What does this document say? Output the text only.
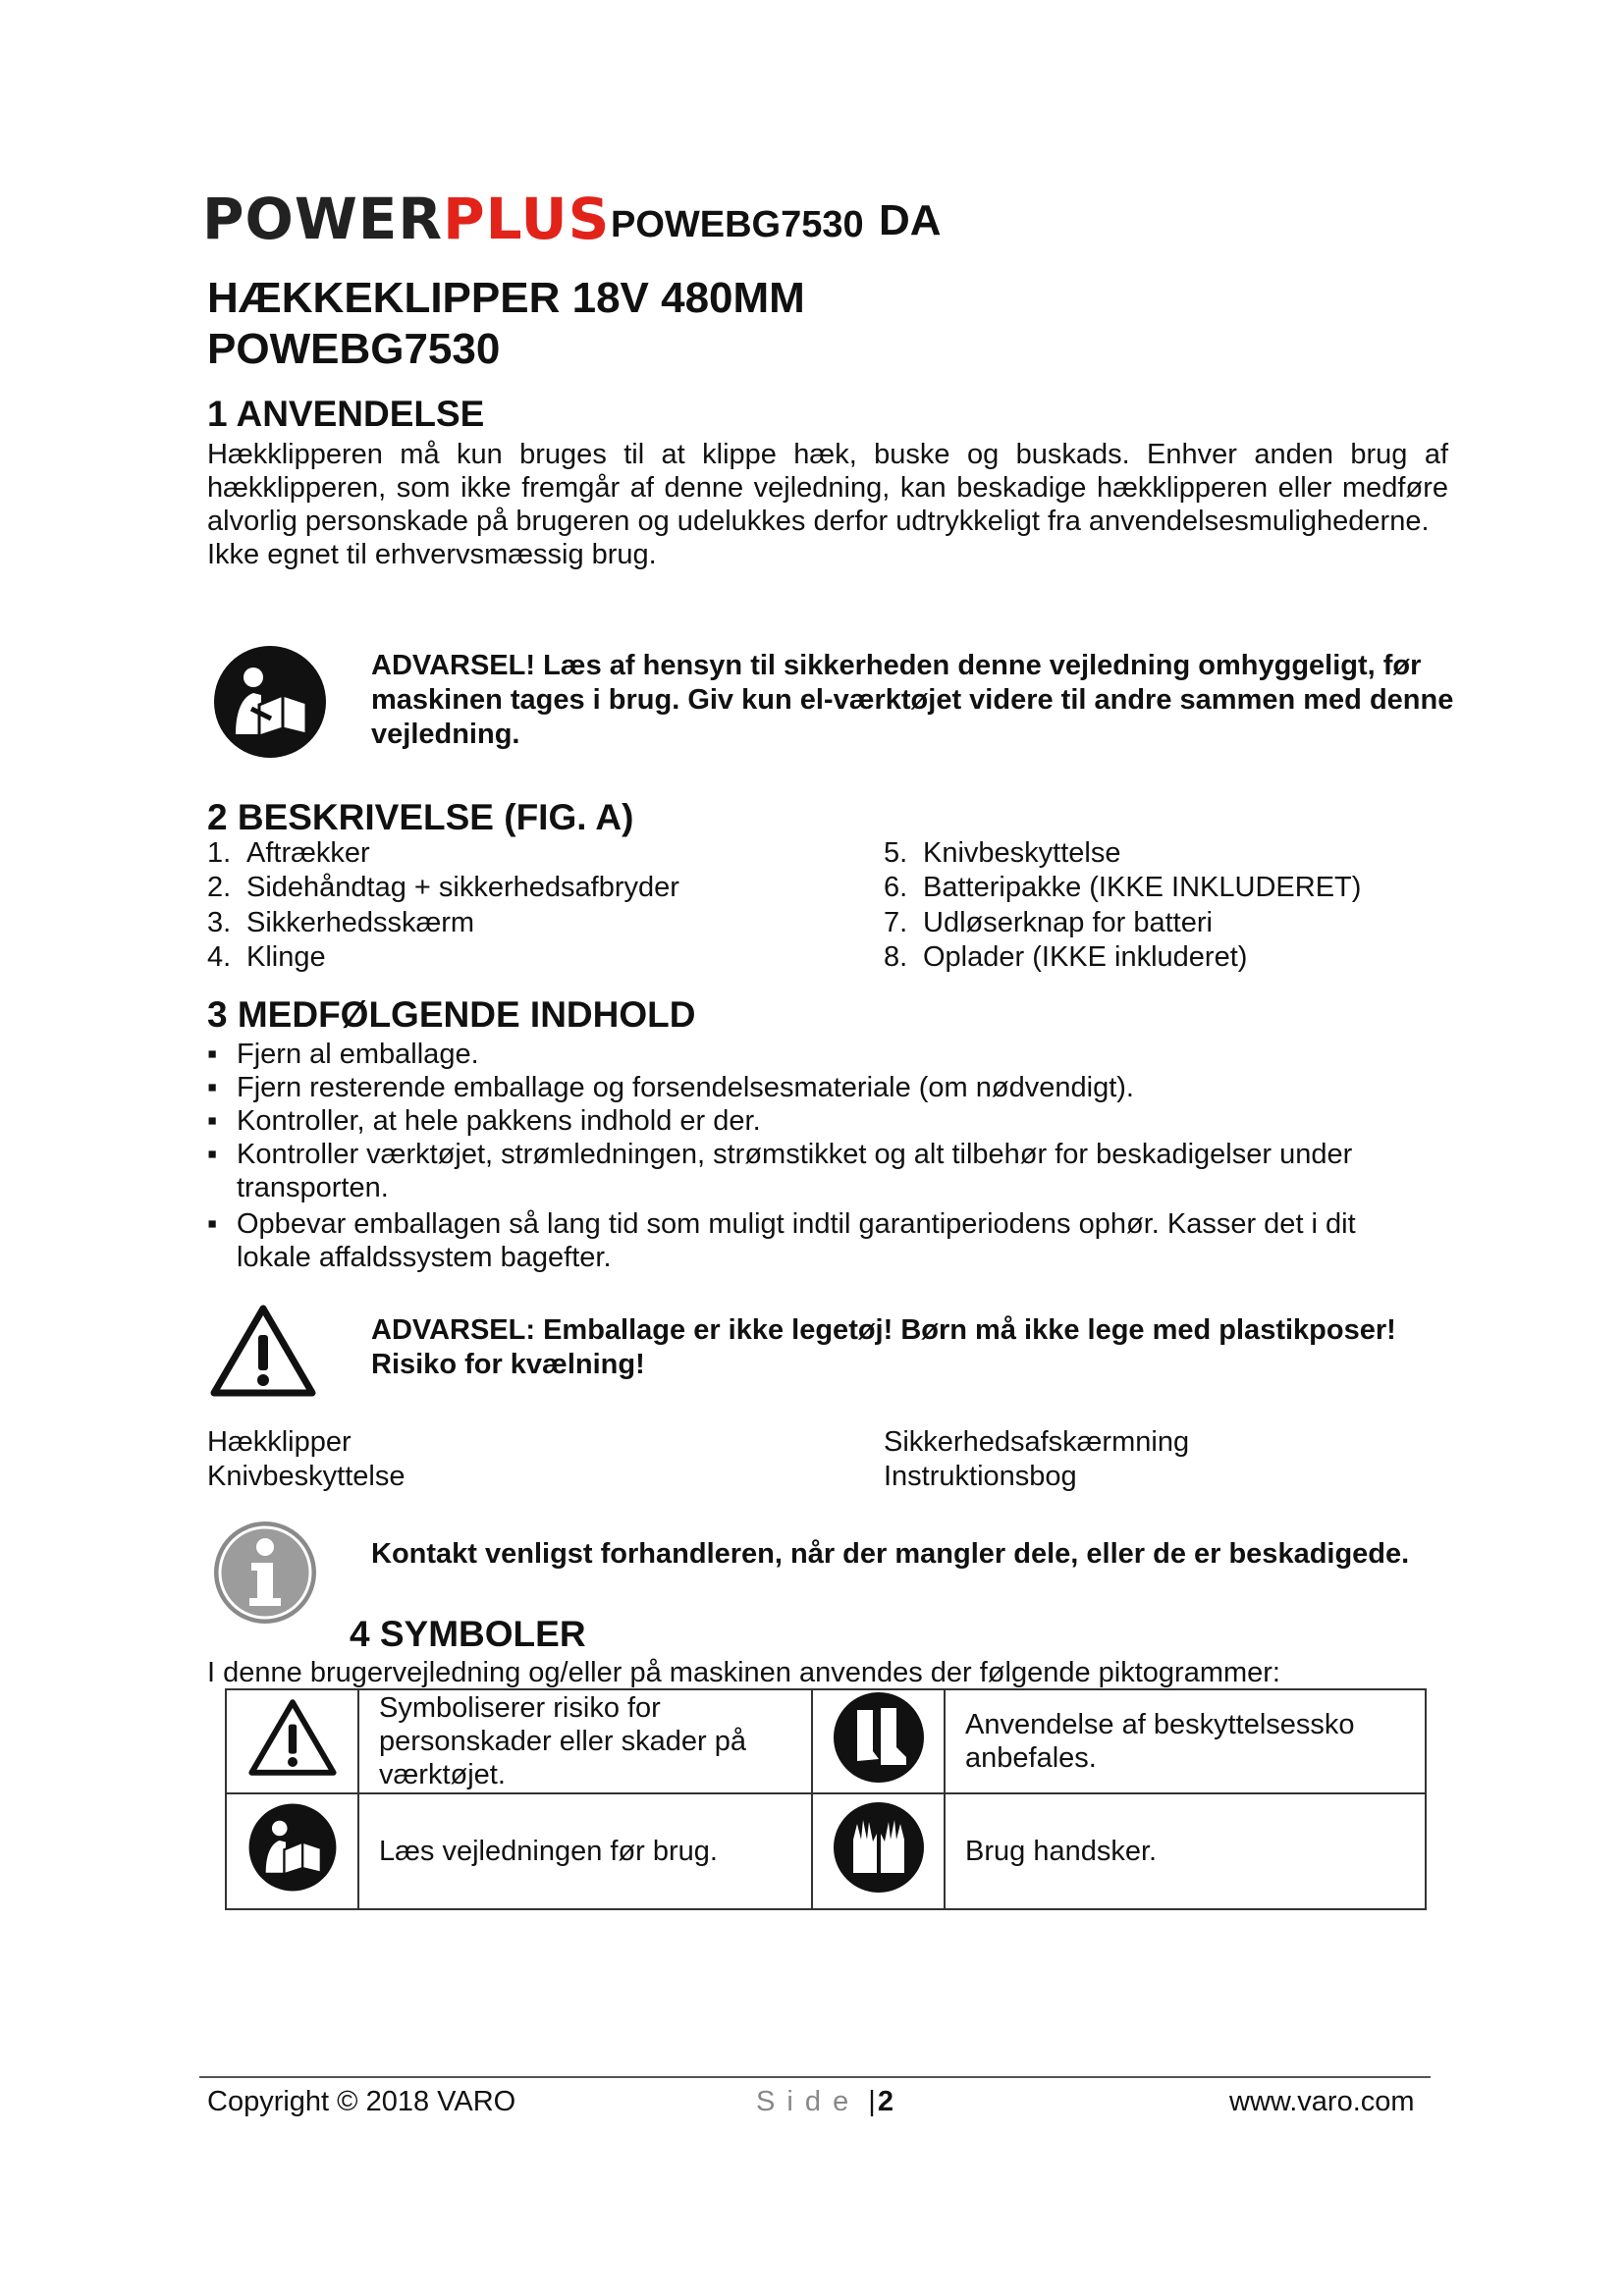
POWERPLUS POWEBG7530 DA
HÆKKEKLIPPER 18V 480MM
POWEBG7530
1 ANVENDELSE

Hækklipperen må kun bruges til at klippe hæk, buske og buskads. Enhver anden brug af hækklipperen, som ikke fremgår af denne vejledning, kan beskadige hækklipperen eller medføre alvorlig personskade på brugeren og udelukkes derfor udtrykkeligt fra anvendelsesmulighederne.

Ikke egnet til erhvervsmæssig brug.

ADVARSEL! Læs af hensyn til sikkerheden denne vejledning omhyggeligt, før maskinen tages i brug. Giv kun el-værktøjet videre til andre sammen med denne vejledning.
2 BESKRIVELSE (FIG. A)
1. Aftrækker
2. Sidehåndtag + sikkerhedsafbryder
3. Sikkerhedsskærm
4. Klinge
5. Knivbeskyttelse
6. Batteripakke (IKKE INKLUDERET)
7. Udløserknap for batteri
8. Oplader (IKKE inkluderet)
3 MEDFØLGENDE INDHOLD
▪ Fjern al emballage.
▪ Fjern resterende emballage og forsendelsesmateriale (om nødvendigt).
▪ Kontroller, at hele pakkens indhold er der.
▪ Kontroller værktøjet, strømledningen, strømstikket og alt tilbehør for beskadigelser under transporten.
▪ Opbevar emballagen så lang tid som muligt indtil garantiperiodens ophør. Kasser det i dit lokale affaldssystem bagefter.
ADVARSEL: Emballage er ikke legetøj! Børn må ikke lege med plastikposer! Risiko for kvælning!
Hækklipper
Knivbeskyttelse
Sikkerhedsafskærmning
Instruktionsbog
Kontakt venligst forhandleren, når der mangler dele, eller de er beskadigede.
4 SYMBOLER
I denne brugervejledning og/eller på maskinen anvendes der følgende piktogrammer:
	Symboliserer risiko for personskader eller skader på værktøjet.		Anvendelse af beskyttelsessko anbefales.
	Læs vejledningen før brug.		Brug handsker.
Copyright © 2018 VARO	S i d e |2	www.varo.com
